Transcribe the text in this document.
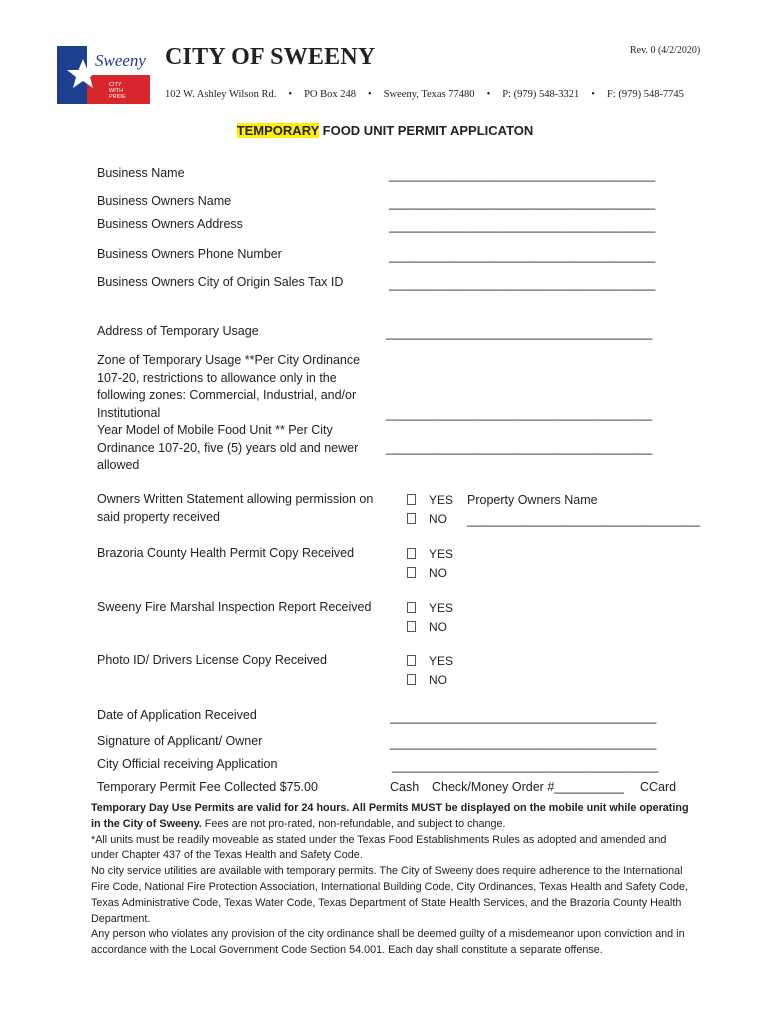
Sweeny
CITY
WITH
PRIDE
CITY OF SWEENY	Rev. 0 (4/2/2020)
102 W. Ashley Wilson Rd. • PO Box 248 • Sweeny, Texas 77480 • P: (979) 548-3321 • F: (979) 548-7745
TEMPORARY FOOD UNIT PERMIT APPLICATON
Business Name	________________________________________
Business Owners Name	________________________________________
Business Owners Address	________________________________________
Business Owners Phone Number	________________________________________
Business Owners City of Origin Sales Tax ID	________________________________________
Address of Temporary Usage	________________________________________
Zone of Temporary Usage **Per City Ordinance 107-20, restrictions to allowance only in the following zones: Commercial, Industrial, and/or Institutional	________________________________________
Year Model of Mobile Food Unit ** Per City Ordinance 107-20, five (5) years old and newer allowed
________________________________________
Owners Written Statement allowing permission on said property received
YES
NO
Property Owners Name
___________________________________
Brazoria County Health Permit Copy Received	YES
NO
Sweeny Fire Marshal Inspection Report Received	YES
NO
Photo ID/ Drivers License Copy Received	YES
NO
Date of Application Received	________________________________________
Signature of Applicant/ Owner	________________________________________
City Official receiving Application	________________________________________
Temporary Permit Fee Collected $75.00	Cash Check/Money Order #__________ CCard
Temporary Day Use Permits are valid for 24 hours. All Permits MUST be displayed on the mobile unit while operating in the City of Sweeny. Fees are not pro-rated, non-refundable, and subject to change.
*All units must be readily moveable as stated under the Texas Food Establishments Rules as adopted and amended and under Chapter 437 of the Texas Health and Safety Code.
No city service utilities are available with temporary permits. The City of Sweeny does require adherence to the International Fire Code, National Fire Protection Association, International Building Code, City Ordinances, Texas Health and Safety Code, Texas Administrative Code, Texas Water Code, Texas Department of State Health Services, and the Brazoria County Health Department.
Any person who violates any provision of the city ordinance shall be deemed guilty of a misdemeanor upon conviction and in accordance with the Local Government Code Section 54.001. Each day shall constitute a separate offense.
